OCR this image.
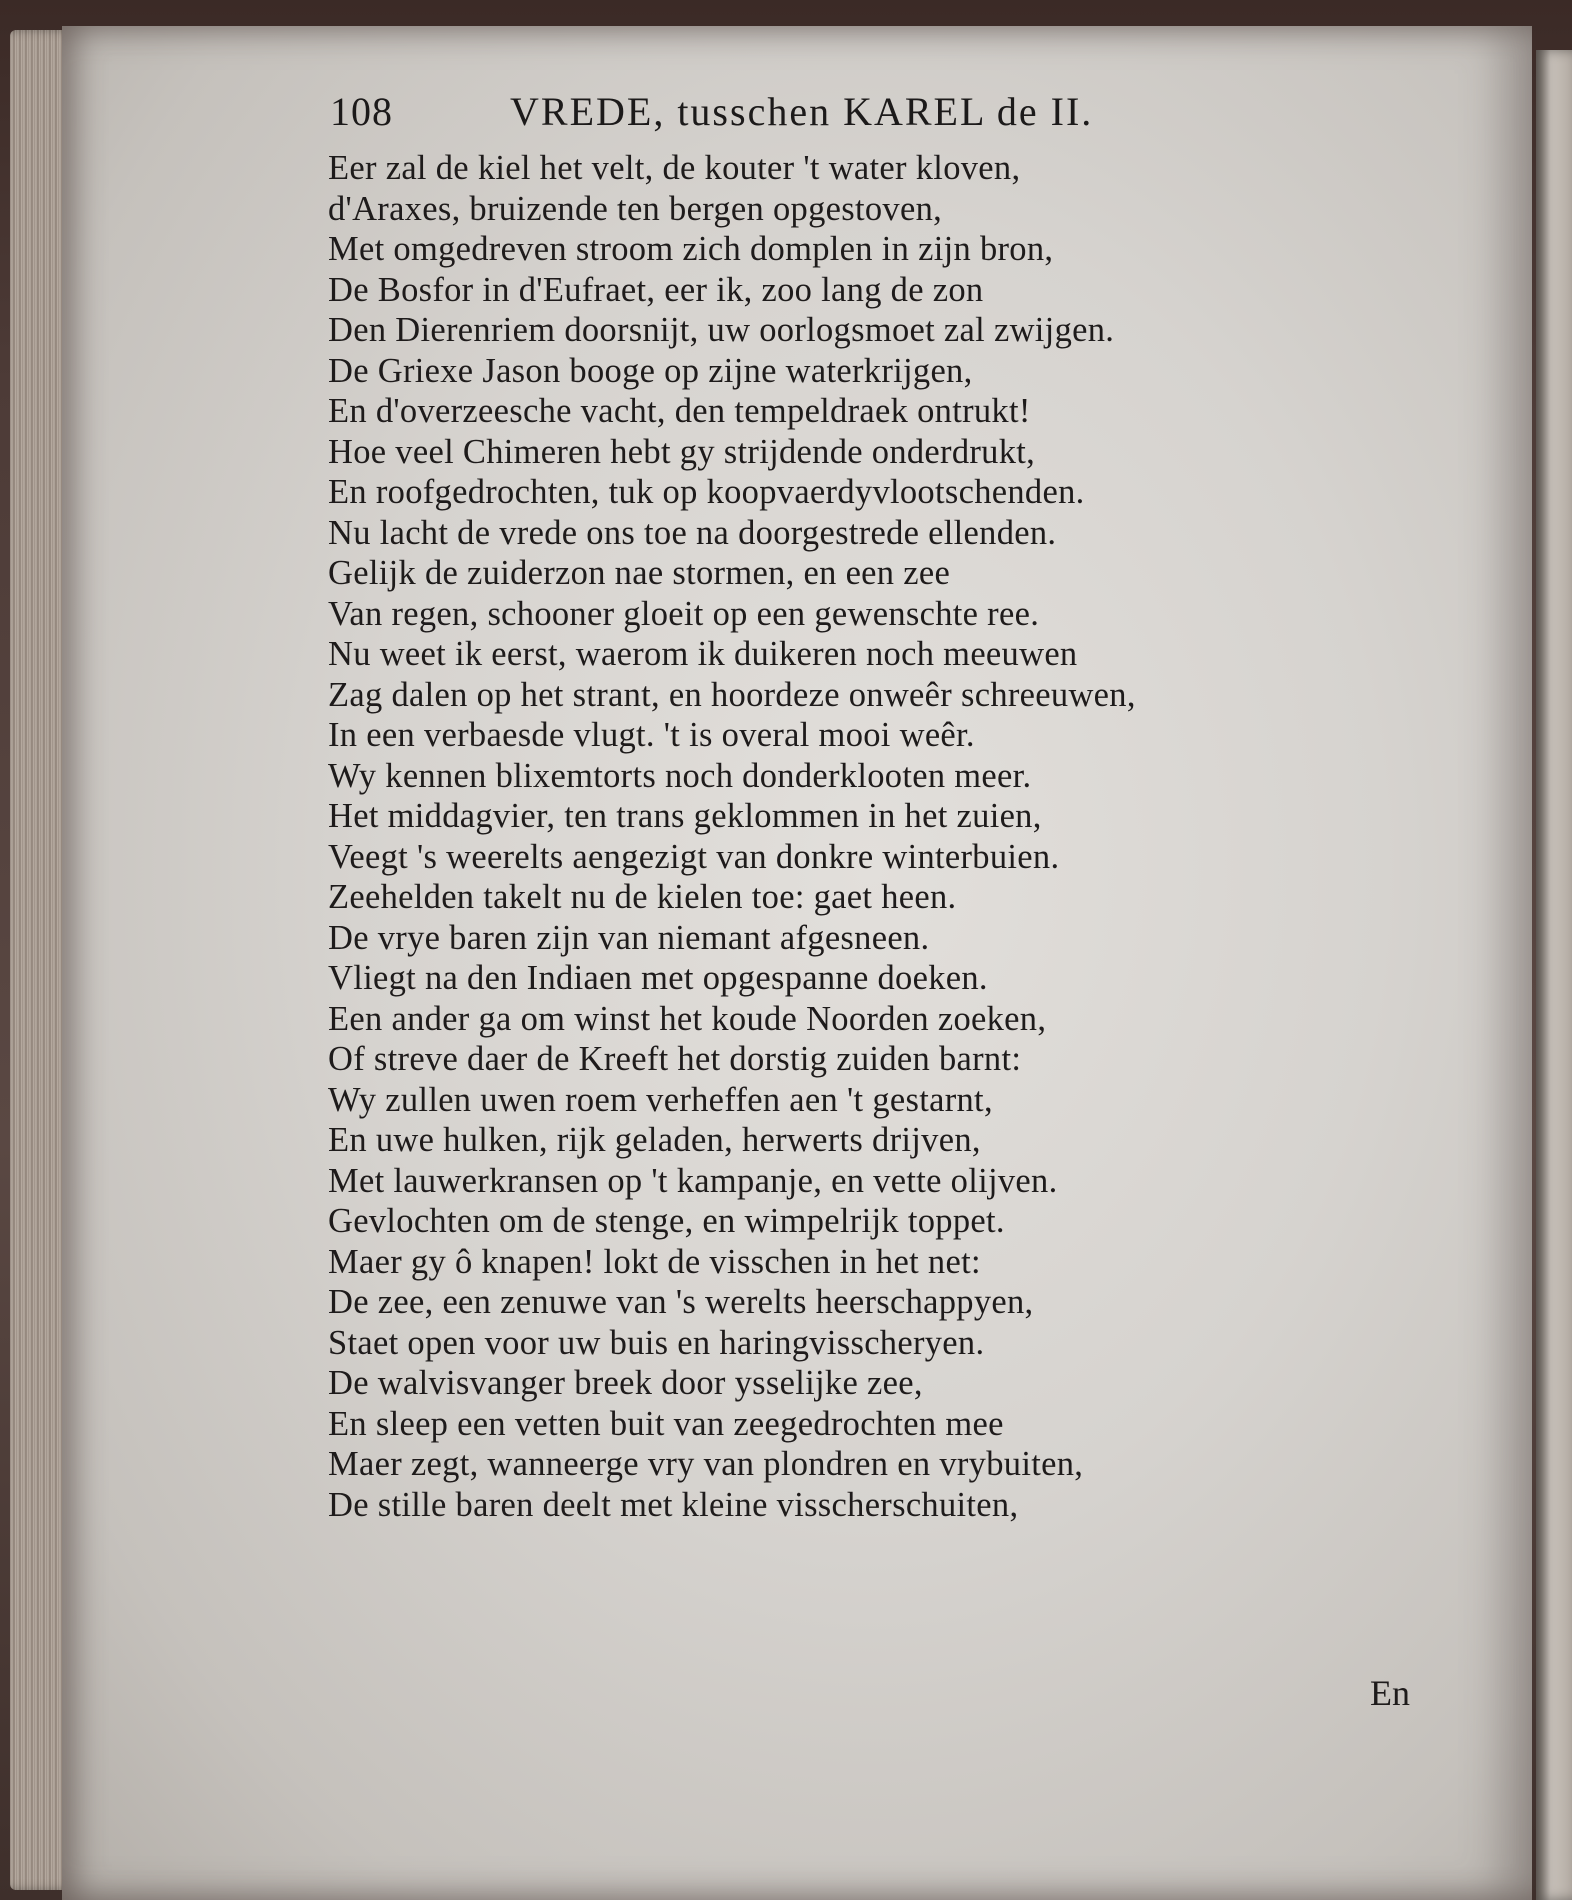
108	VREDE, tusschen KAREL de II.
Eer zal de kiel het velt, de kouter 't water kloven,
d'Araxes, bruizende ten bergen opgestoven,
Met omgedreven stroom zich domplen in zijn bron,
De Bosfor in d'Eufraet, eer ik, zoo lang de zon
Den Dierenriem doorsnijt, uw oorlogsmoet zal zwijgen.
De Griexe Jason booge op zijne waterkrijgen,
En d'overzeesche vacht, den tempeldraek ontrukt!
Hoe veel Chimeren hebt gy strijdende onderdrukt,
En roofgedrochten, tuk op koopvaerdyvlootschenden.
Nu lacht de vrede ons toe na doorgestrede ellenden.
Gelijk de zuiderzon nae stormen, en een zee
Van regen, schooner gloeit op een gewenschte ree.
Nu weet ik eerst, waerom ik duikeren noch meeuwen
Zag dalen op het strant, en hoordeze onweêr schreeuwen,
In een verbaesde vlugt. 't is overal mooi weêr.
Wy kennen blixemtorts noch donderklooten meer.
Het middagvier, ten trans geklommen in het zuien,
Veegt 's weerelts aengezigt van donkre winterbuien.
Zeehelden takelt nu de kielen toe: gaet heen.
De vrye baren zijn van niemant afgesneen.
Vliegt na den Indiaen met opgespanne doeken.
Een ander ga om winst het koude Noorden zoeken,
Of streve daer de Kreeft het dorstig zuiden barnt:
Wy zullen uwen roem verheffen aen 't gestarnt,
En uwe hulken, rijk geladen, herwerts drijven,
Met lauwerkransen op 't kampanje, en vette olijven.
Gevlochten om de stenge, en wimpelrijk toppet.
Maer gy ô knapen! lokt de visschen in het net:
De zee, een zenuwe van 's werelts heerschappyen,
Staet open voor uw buis en haringvisscheryen.
De walvisvanger breek door ysselijke zee,
En sleep een vetten buit van zeegedrochten mee
Maer zegt, wanneerge vry van plondren en vrybuiten,
De stille baren deelt met kleine visscherschuiten,
En
